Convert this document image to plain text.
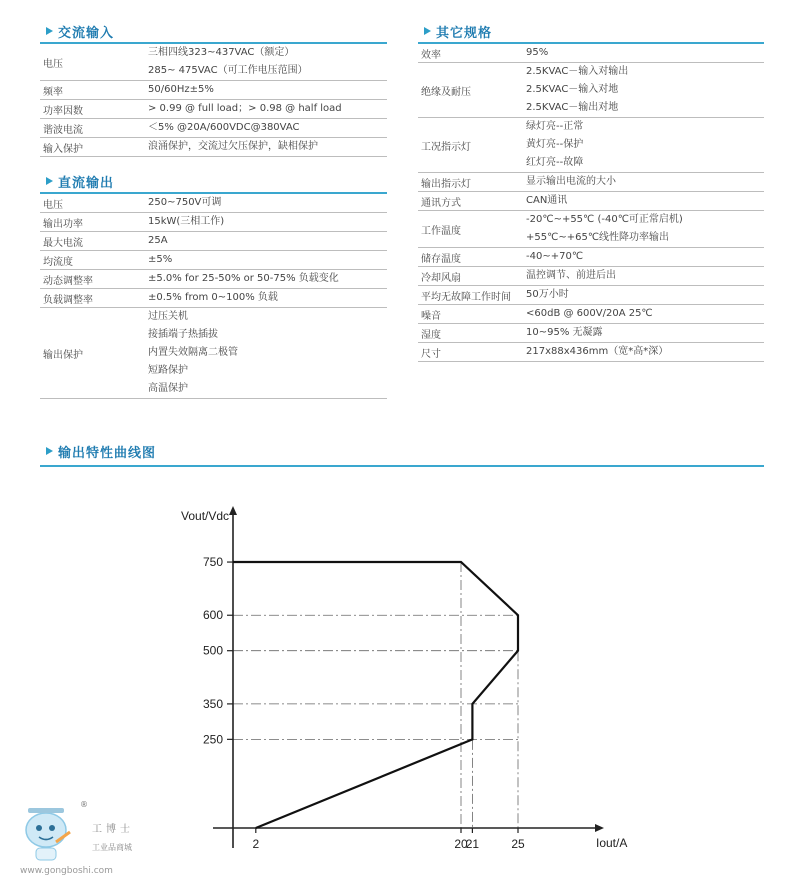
交流输入
电压	三相四线323~437VAC（额定）
285~ 475VAC（可工作电压范围）

频率	50/60Hz±5%

功率因数	> 0.99 @ full load；> 0.98 @ half load

谐波电流	＜5% @20A/600VDC@380VAC

输入保护	浪涌保护，交流过欠压保护，缺相保护
直流输出
电压	250~750V可调

输出功率	15kW(三相工作)

最大电流	25A

均流度	±5%

动态调整率	±5.0% for 25-50% or 50-75% 负载变化

负载调整率	±0.5% from 0~100% 负载

输出保护	过压关机
接插端子热插拔
内置失效隔离二极管
短路保护
高温保护
其它规格
效率	95%

绝缘及耐压	2.5KVAC－输入对输出
2.5KVAC－输入对地
2.5KVAC－输出对地

工况指示灯	绿灯亮--正常
黄灯亮--保护
红灯亮--故障

输出指示灯	显示输出电流的大小

通讯方式	CAN通讯

工作温度	-20℃~+55℃ (-40℃可正常启机)
+55℃~+65℃线性降功率输出

储存温度	-40~+70℃

冷却风扇	温控调节、前进后出

平均无故障工作时间	50万小时

噪音	<60dB @ 600V/20A 25℃

湿度	10~95% 无凝露

尺寸	217x88x436mm（宽*高*深）
输出特性曲线图
250
350
500
600
750
2	20
21	25
Vout/Vdc
Iout/A
®
工博士
工业品商城
www.gongboshi.com
